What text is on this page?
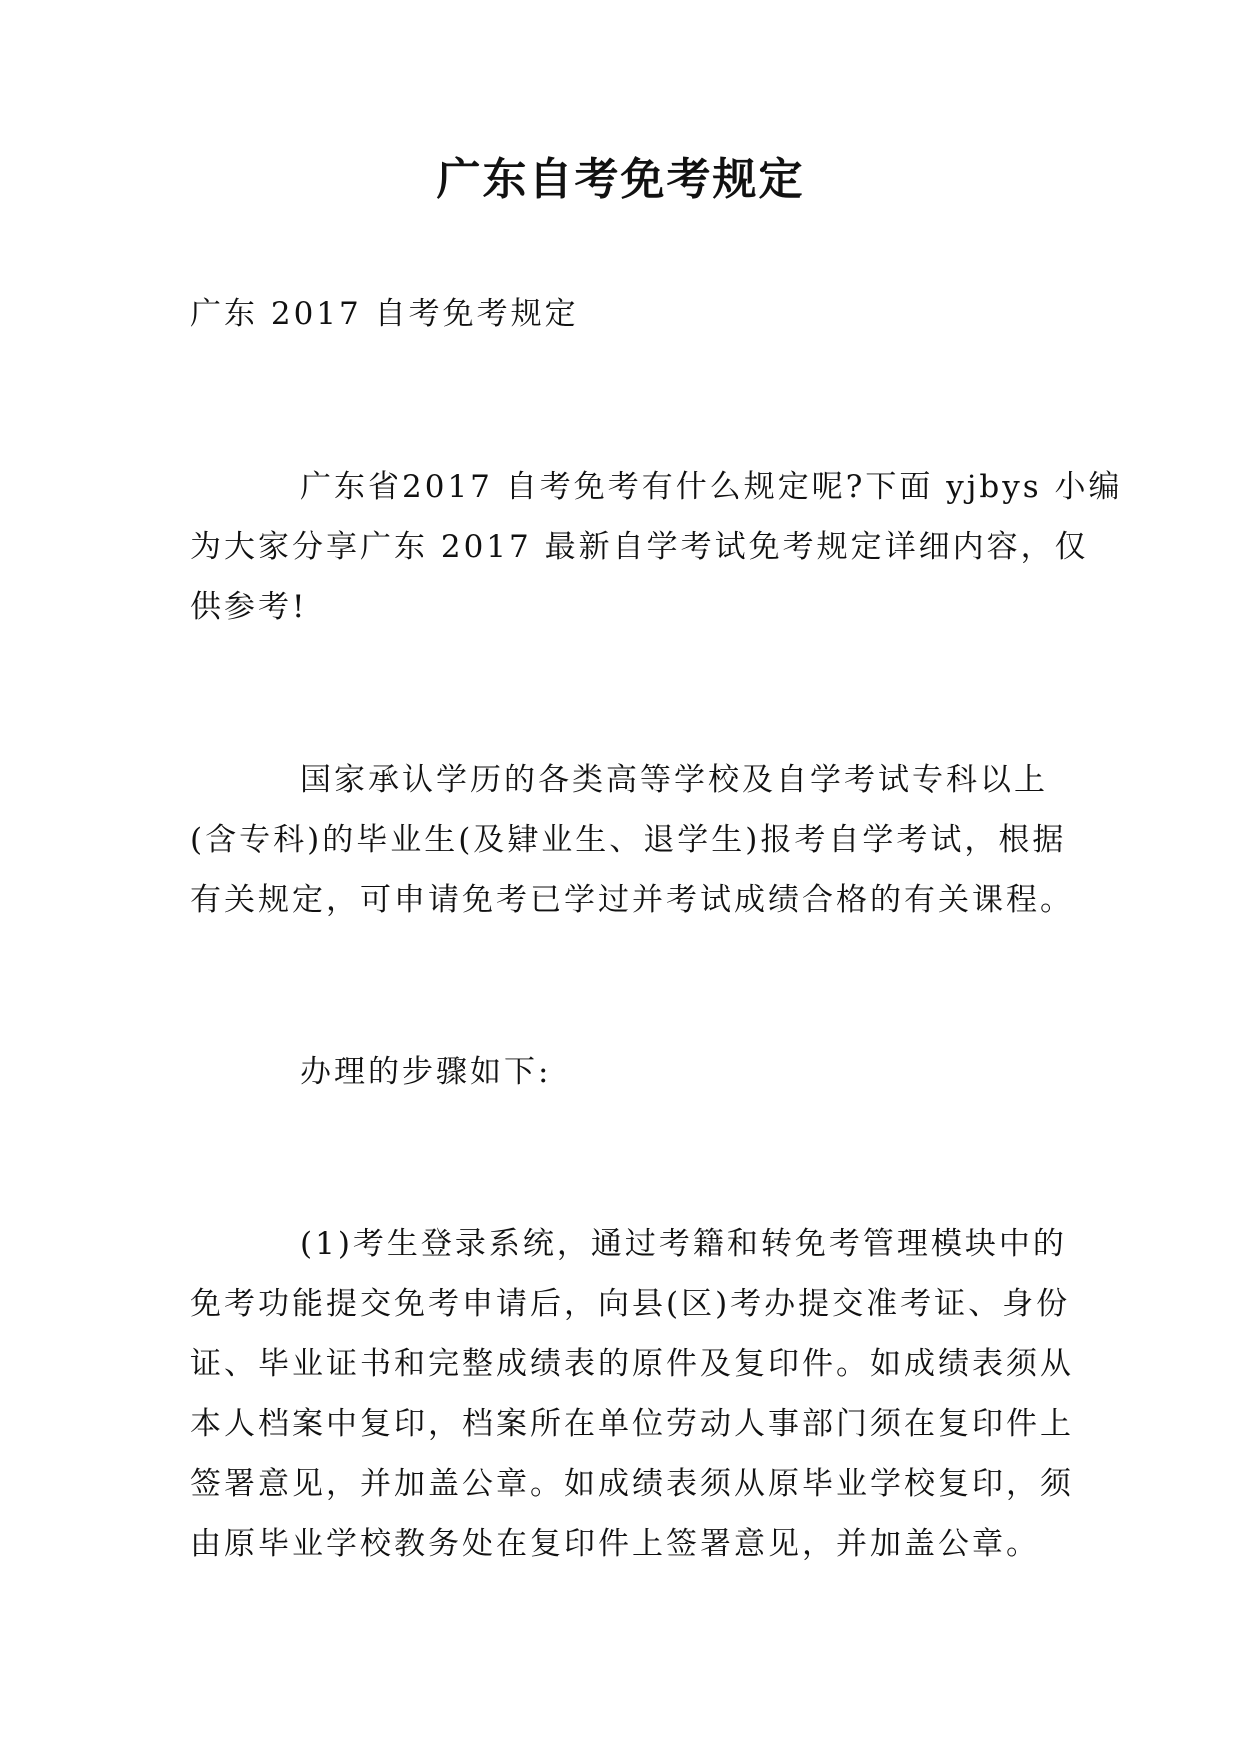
广东自考免考规定

广东 2017 自考免考规定

广东省2017 自考免考有什么规定呢?下面 yjbys 小编

为大家分享广东 2017 最新自学考试免考规定详细内容，仅

供参考!

国家承认学历的各类高等学校及自学考试专科以上

(含专科)的毕业生(及肄业生、退学生)报考自学考试，根据

有关规定，可申请免考已学过并考试成绩合格的有关课程。

办理的步骤如下:

(1)考生登录系统，通过考籍和转免考管理模块中的

免考功能提交免考申请后，向县(区)考办提交准考证、身份

证、毕业证书和完整成绩表的原件及复印件。如成绩表须从

本人档案中复印，档案所在单位劳动人事部门须在复印件上

签署意见，并加盖公章。如成绩表须从原毕业学校复印，须

由原毕业学校教务处在复印件上签署意见，并加盖公章。
